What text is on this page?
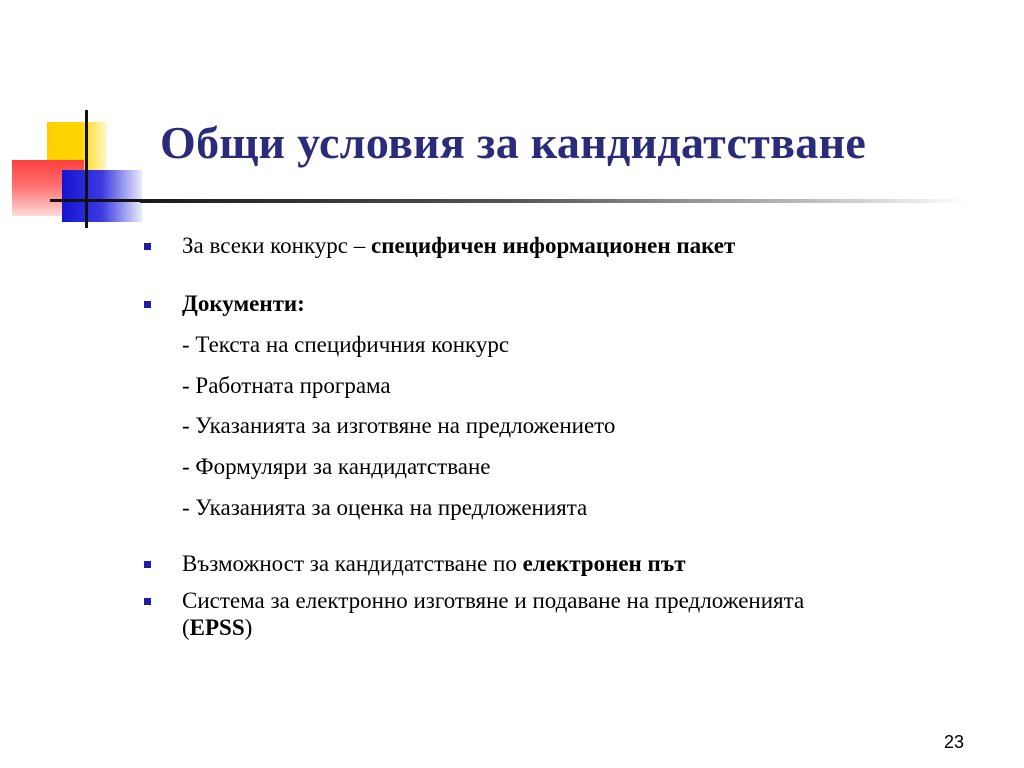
Общи условия за кандидатстване
За всеки конкурс – специфичен информационен пакет
Документи:
- Текста на специфичния конкурс
- Работната програма
- Указанията за изготвяне на предложението
- Формуляри за кандидатстване
- Указанията за оценка на предложенията
Възможност за кандидатстване по електронен път
Система за електронно изготвяне и подаване на предложенията
(EPSS)
23
